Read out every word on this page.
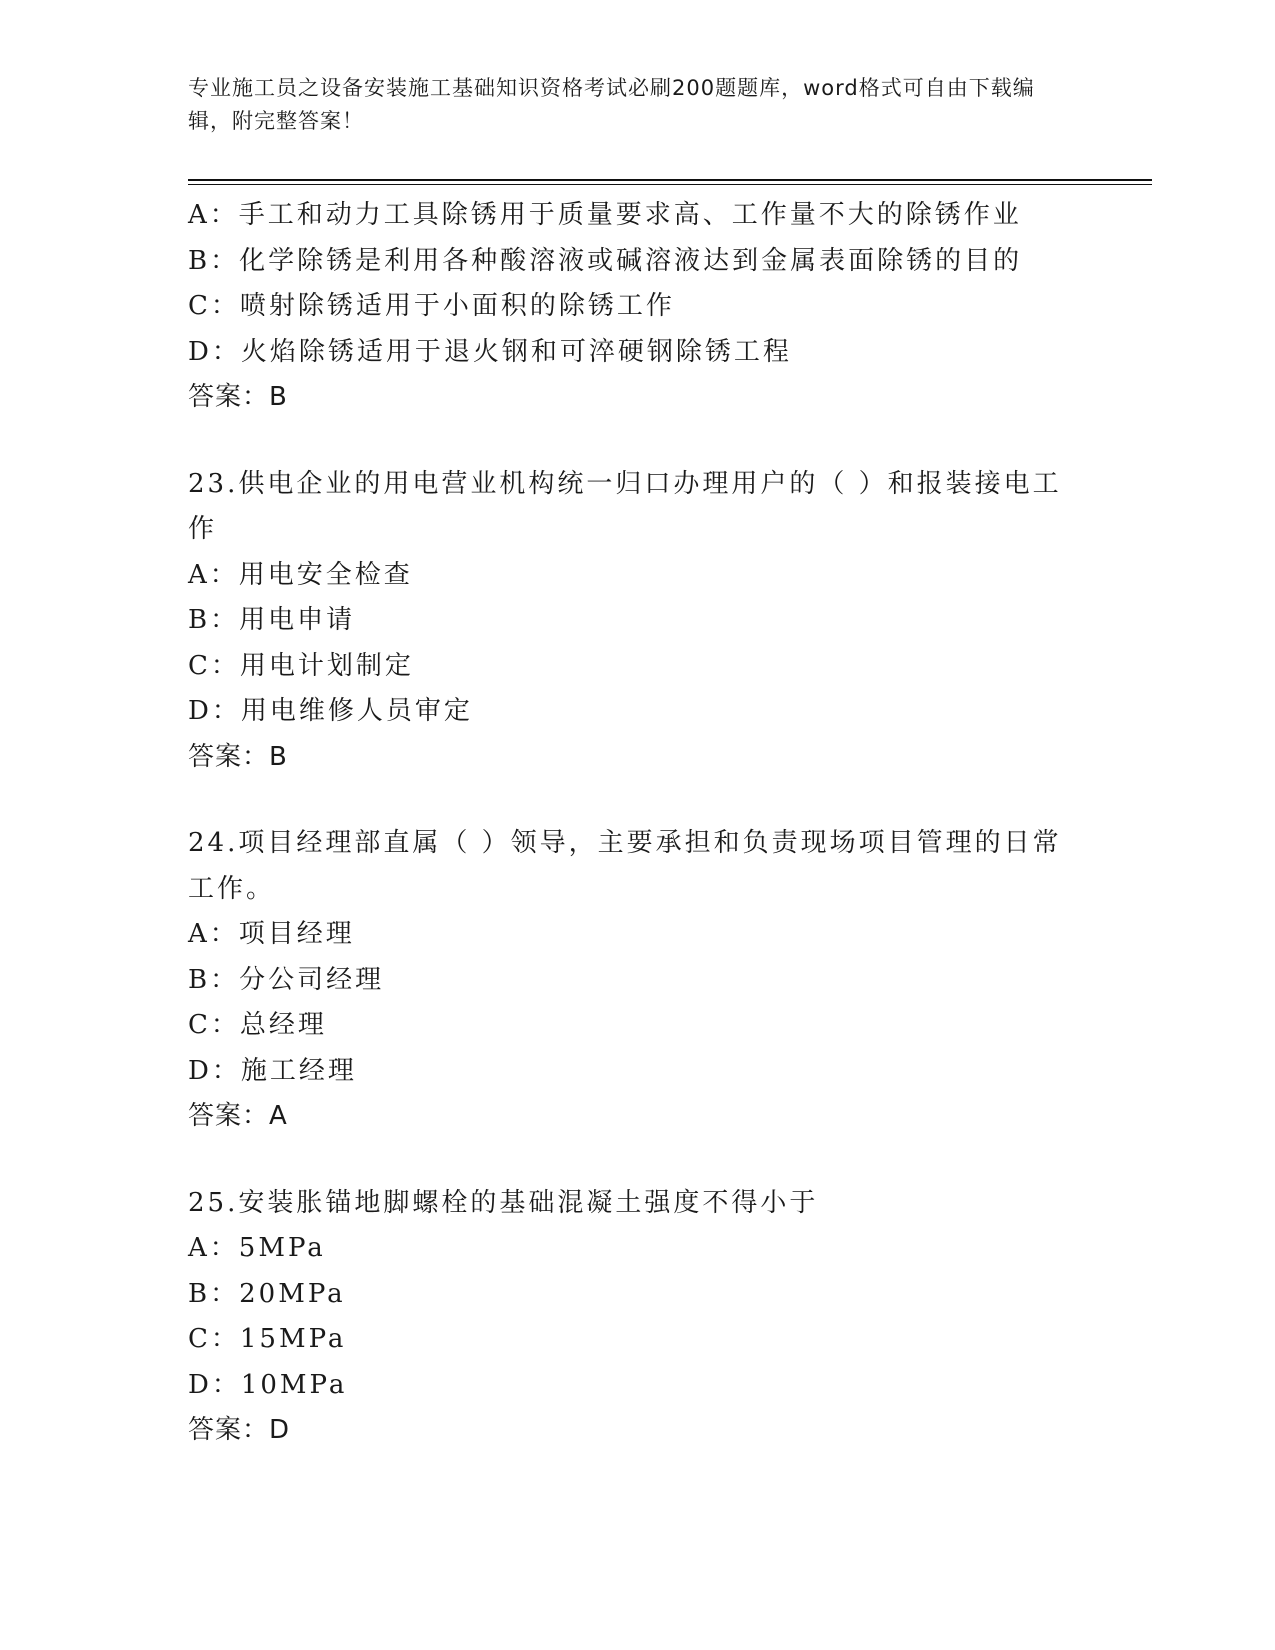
专业施工员之设备安装施工基础知识资格考试必刷200题题库，word格式可自由下载编辑，附完整答案！
A：手工和动力工具除锈用于质量要求高、工作量不大的除锈作业
B：化学除锈是利用各种酸溶液或碱溶液达到金属表面除锈的目的
C：喷射除锈适用于小面积的除锈工作
D：火焰除锈适用于退火钢和可淬硬钢除锈工程
答案：B
23.供电企业的用电营业机构统一归口办理用户的（ ）和报装接电工作
A：用电安全检查
B：用电申请
C：用电计划制定
D：用电维修人员审定
答案：B
24.项目经理部直属（ ）领导，主要承担和负责现场项目管理的日常工作。
A：项目经理
B：分公司经理
C：总经理
D：施工经理
答案：A
25.安装胀锚地脚螺栓的基础混凝土强度不得小于
A：5MPa
B：20MPa
C：15MPa
D：10MPa
答案：D
